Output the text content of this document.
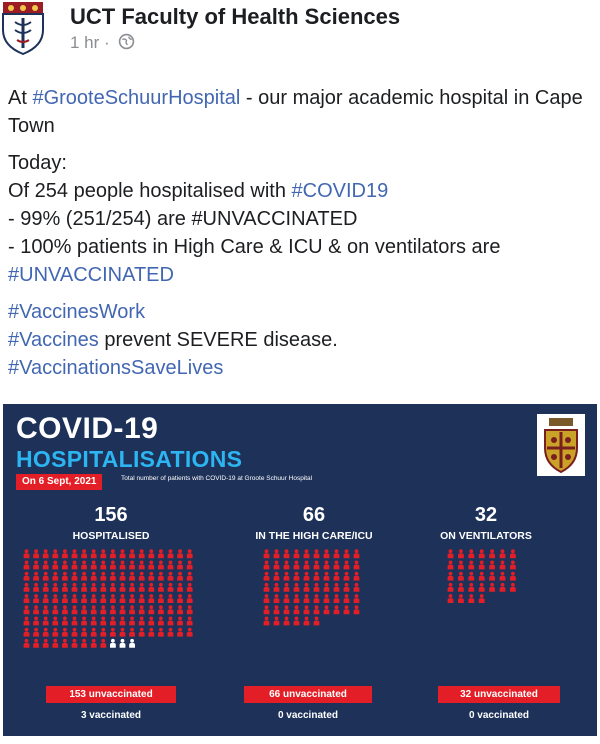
UCT Faculty of Health Sciences
1 hr ·

At #GrooteSchuurHospital - our major academic hospital in Cape Town

Today:
Of 254 people hospitalised with #COVID19
- 99% (251/254) are #UNVACCINATED
- 100% patients in High Care & ICU & on ventilators are #UNVACCINATED

#VaccinesWork
#Vaccines prevent SEVERE disease.
#VaccinationsSaveLives

COVID-19
HOSPITALISATIONS
On 6 Sept, 2021	Total number of patients with COVID-19 at Groote Schuur Hospital
156
HOSPITALISED
66
IN THE HIGH CARE/ICU
32
ON VENTILATORS
153 unvaccinated
3 vaccinated
66 unvaccinated
0 vaccinated
32 unvaccinated
0 vaccinated
